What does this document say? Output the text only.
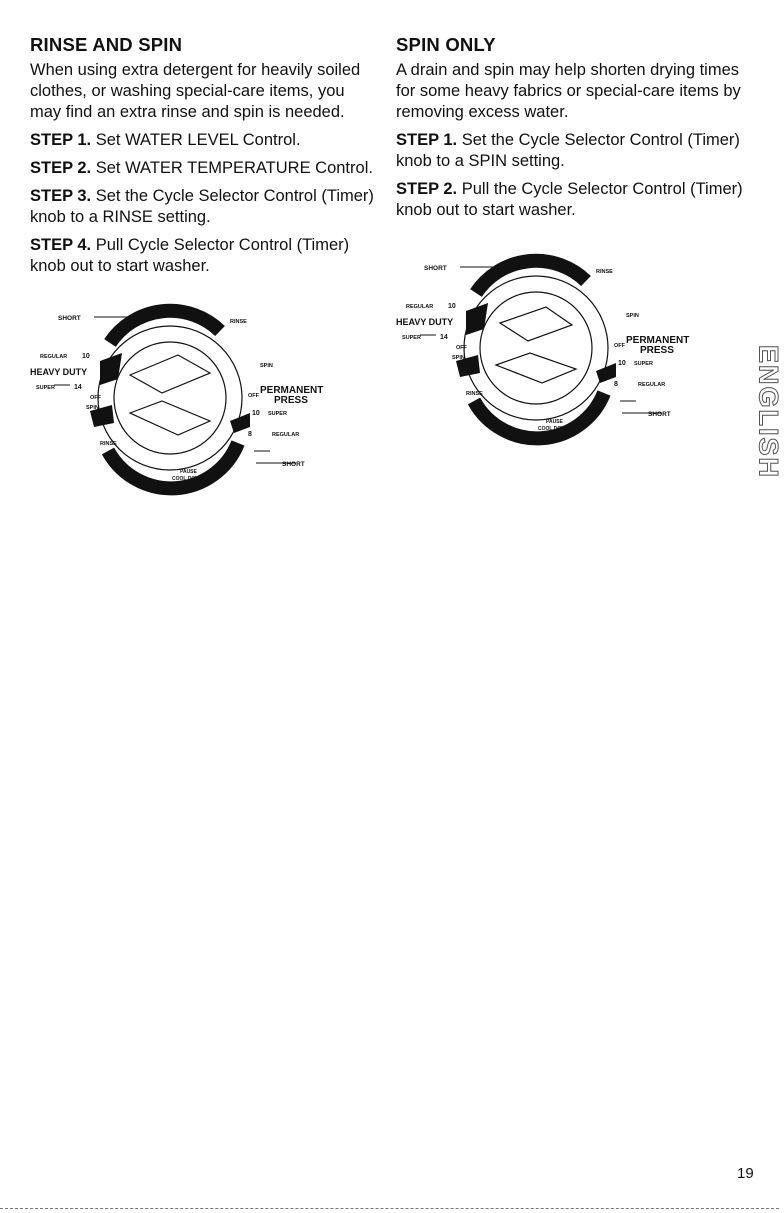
RINSE AND SPIN

When using extra detergent for heavily soiled clothes, or washing special-care items, you may find an extra rinse and spin is needed.

STEP 1. Set WATER LEVEL Control.

STEP 2. Set WATER TEMPERATURE Control.

STEP 3. Set the Cycle Selector Control (Timer) knob to a RINSE setting.

STEP 4. Pull Cycle Selector Control (Timer) knob out to start washer.

SHORT	4	RINSE
REGULAR 10
HEAVY DUTY
SUPER	14
SPIN
OFF
SPIN
OFF PERMANENT
PRESS
10 SUPER
8	REGULAR
RINSE
4	SHORT
PAUSE
COOL DOWN
SPIN ONLY

A drain and spin may help shorten drying times for some heavy fabrics or special-care items by removing excess water.

STEP 1. Set the Cycle Selector Control (Timer) knob to a SPIN setting.

STEP 2. Pull the Cycle Selector Control (Timer) knob out to start washer.

SHORT	4	RINSE
REGULAR 10
HEAVY DUTY
SUPER	14
SPIN
OFF
SPIN
OFF PERMANENT
PRESS
10 SUPER
8	REGULAR
RINSE
4	SHORT
PAUSE
COOL DOWN	ENGLISH
19
